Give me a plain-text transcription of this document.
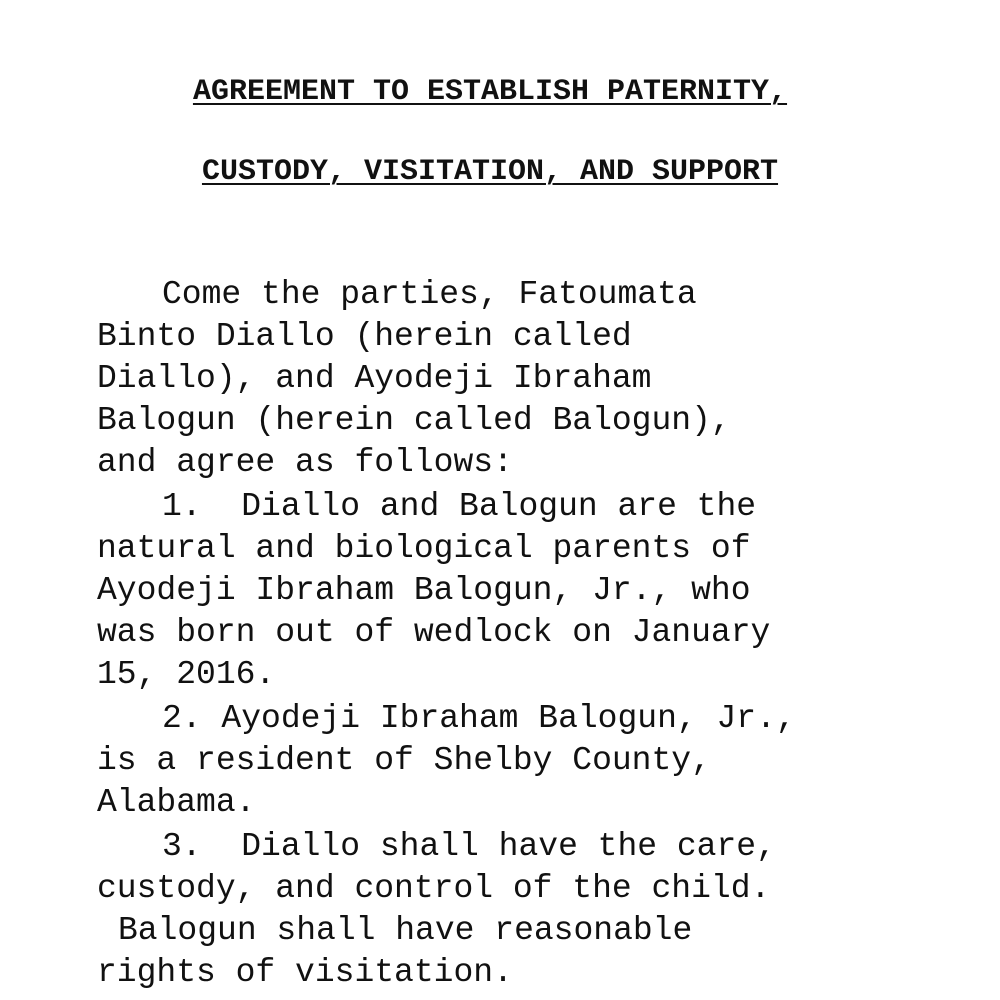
AGREEMENT TO ESTABLISH PATERNITY,
CUSTODY, VISITATION, AND SUPPORT

Come the parties, Fatoumata

Binto Diallo (herein called

Diallo), and Ayodeji Ibraham

Balogun (herein called Balogun),

and agree as follows:

1.  Diallo and Balogun are the

natural and biological parents of

Ayodeji Ibraham Balogun, Jr., who

was born out of wedlock on January

15, 2016.

2. Ayodeji Ibraham Balogun, Jr.,

is a resident of Shelby County,

Alabama.

3.  Diallo shall have the care,

custody, and control of the child.

Balogun shall have reasonable

rights of visitation.
